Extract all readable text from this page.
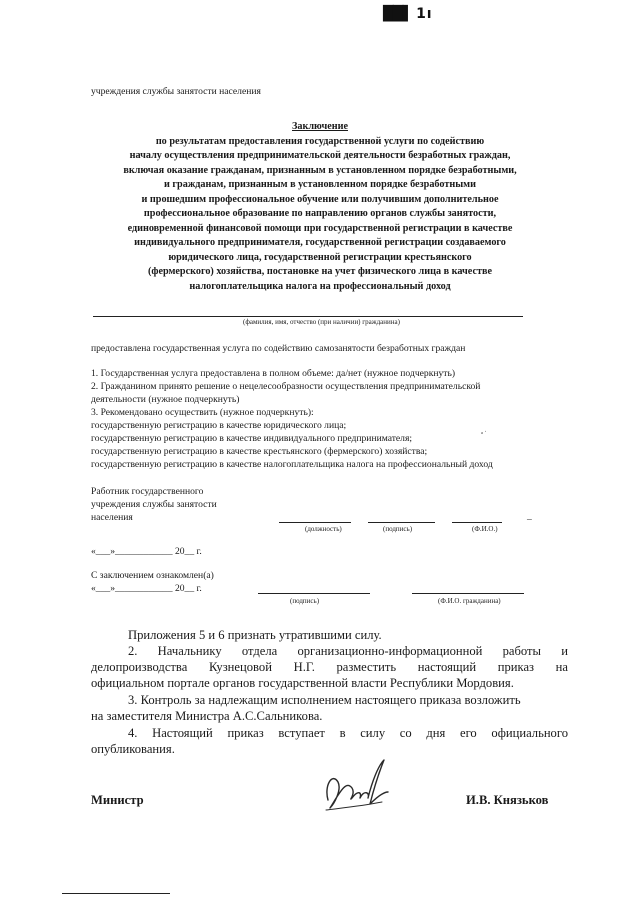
██▌ 1 ı
учреждения службы занятости населения
Заключение
по результатам предоставления государственной услуги по содействию
началу осуществления предпринимательской деятельности безработных граждан,
включая оказание гражданам, признанным в установленном порядке безработными,
и гражданам, признанным в установленном порядке безработными
и прошедшим профессиональное обучение или получившим дополнительное
профессиональное образование по направлению органов службы занятости,
единовременной финансовой помощи при государственной регистрации в качестве
индивидуального предпринимателя, государственной регистрации создаваемого
юридического лица, государственной регистрации крестьянского
(фермерского) хозяйства, постановке на учет физического лица в качестве
налогоплательщика налога на профессиональный доход
(фамилия, имя, отчество (при наличии) гражданина)
предоставлена государственная услуга по содействию самозанятости безработных граждан
1. Государственная услуга предоставлена в полном объеме: да/нет (нужное подчеркнуть)
2. Гражданином принято решение о нецелесообразности осуществления предпринимательской
деятельности (нужное подчеркнуть)
3. Рекомендовано осуществить (нужное подчеркнуть):
государственную регистрацию в качестве юридического лица;
государственную регистрацию в качестве индивидуального предпринимателя;	ᵃ ˈ
государственную регистрацию в качестве крестьянского (фермерского) хозяйства;
государственную регистрацию в качестве налогоплательщика налога на профессиональный доход
Работник государственного
учреждения службы занятости
населения	–
(должность)	(подпись)	(Ф.И.О.)
«___»____________ 20__ г.
С заключением ознакомлен(а)
«___»____________ 20__ г.
(подпись)	(Ф.И.О. гражданина)
Приложения 5 и 6 признать утратившими силу.
2. Начальнику отдела организационно-информационной работы и
делопроизводства Кузнецовой Н.Г. разместить настоящий приказ на
официальном портале органов государственной власти Республики Мордовия.
3. Контроль за надлежащим исполнением настоящего приказа возложить
на заместителя Министра А.С.Сальникова.
4. Настоящий приказ вступает в силу со дня его официального
опубликования.
Министр	И.В. Князьков
